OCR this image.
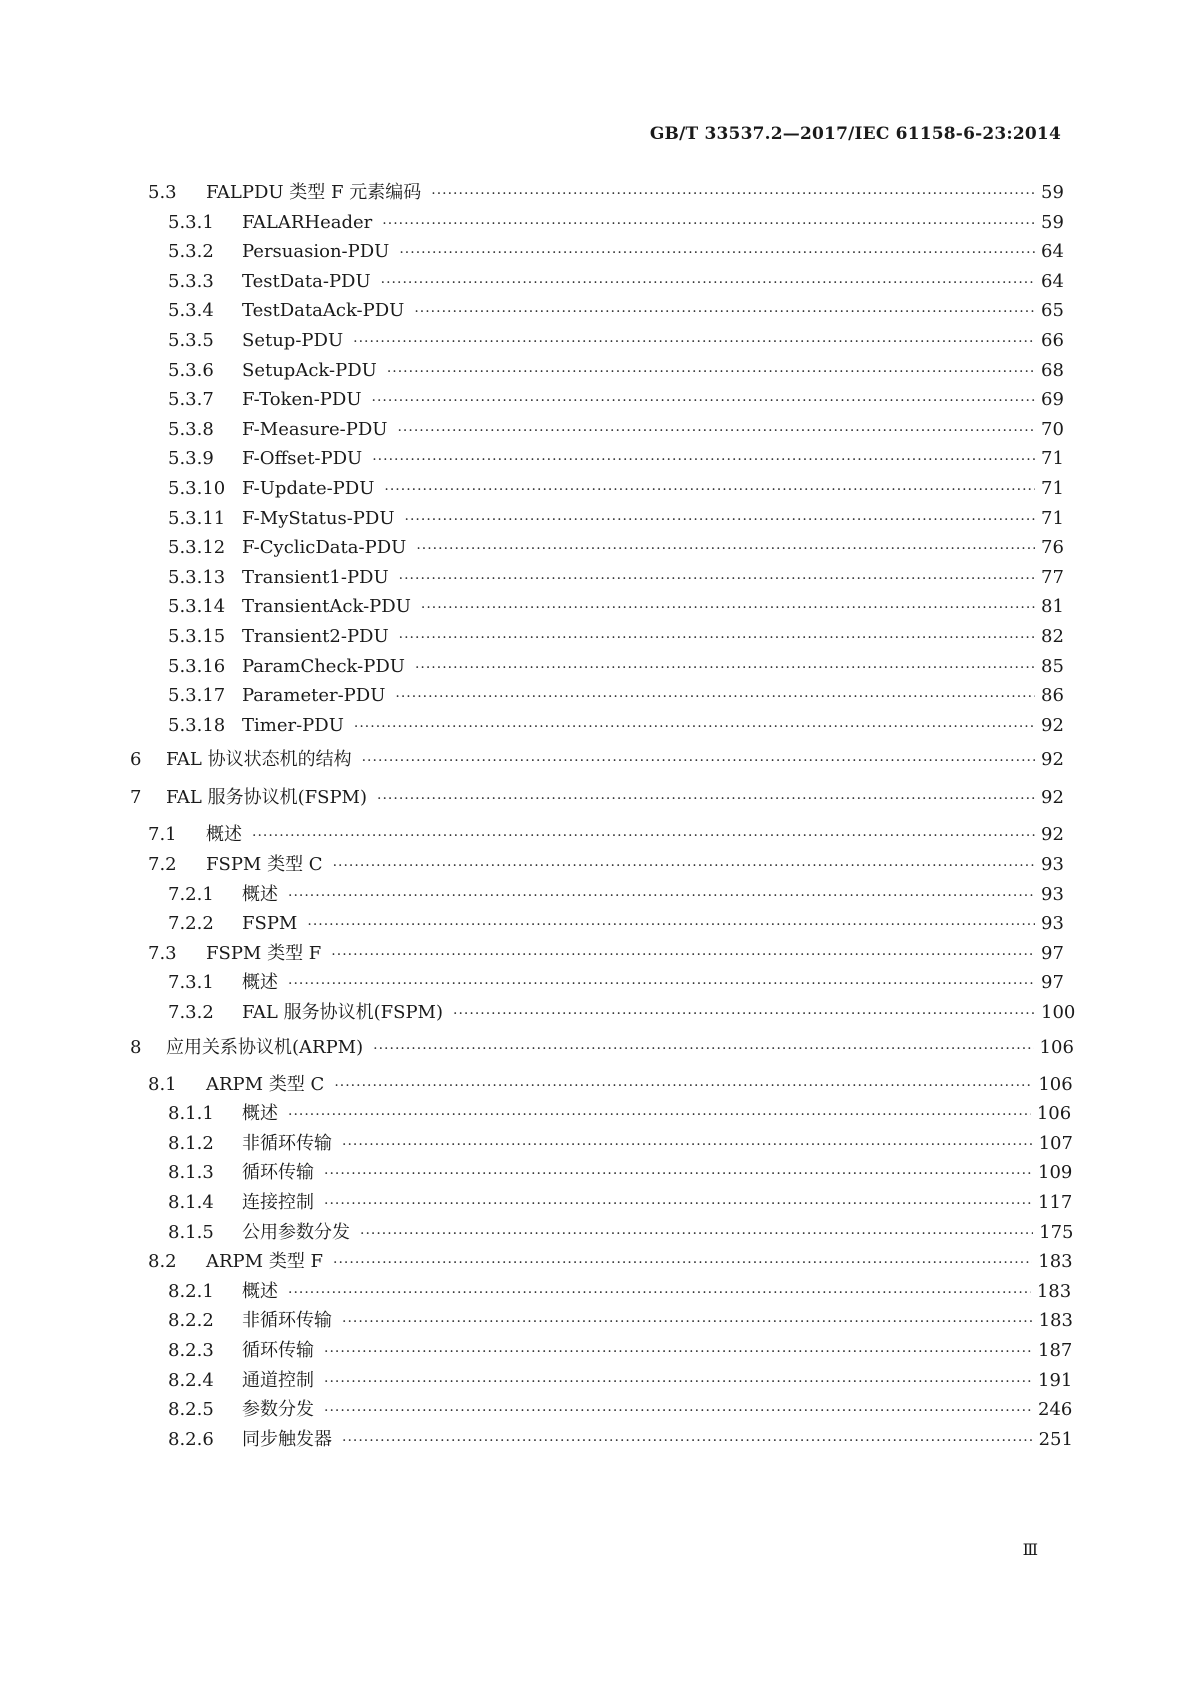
GB/T 33537.2—2017/IEC 61158-6-23:2014
5.3	FALPDU 类型 F 元素编码 ·····	59
5.3.1	FALARHeader ·····	59
5.3.2	Persuasion-PDU ·····	64
5.3.3	TestData-PDU ·····	64
5.3.4	TestDataAck-PDU ·····	65
5.3.5	Setup-PDU ·····	66
5.3.6	SetupAck-PDU ·····	68
5.3.7	F-Token-PDU ·····	69
5.3.8	F-Measure-PDU ·····	70
5.3.9	F-Offset-PDU ·····	71
5.3.10 F-Update-PDU ·····	71
5.3.11 F-MyStatus-PDU ·····	71
5.3.12 F-CyclicData-PDU ·····	76
5.3.13 Transient1-PDU ·····	77
5.3.14 TransientAck-PDU ·····	81
5.3.15 Transient2-PDU ·····	82
5.3.16 ParamCheck-PDU ·····	85
5.3.17 Parameter-PDU ·····	86
5.3.18 Timer-PDU ·····	92
6	FAL 协议状态机的结构 ·····	92
7	FAL 服务协议机(FSPM) ·····	92
7.1	概述 ·····	92
7.2	FSPM 类型 C ·····	93
7.2.1	概述 ·····	93
7.2.2	FSPM ·····	93
7.3	FSPM 类型 F ·····	97
7.3.1	概述 ·····	97
7.3.2	FAL 服务协议机(FSPM) ·····	100
8	应用关系协议机(ARPM) ·····	106
8.1	ARPM 类型 C ·····	106
8.1.1	概述 ·····	106
8.1.2	非循环传输 ·····	107
8.1.3	循环传输 ·····	109
8.1.4	连接控制 ·····	117
8.1.5	公用参数分发 ·····	175
8.2	ARPM 类型 F ·····	183
8.2.1	概述 ·····	183
8.2.2	非循环传输 ·····	183
8.2.3	循环传输 ·····	187
8.2.4	通道控制 ·····	191
8.2.5	参数分发 ·····	246
8.2.6	同步触发器 ·····	251
Ⅲ
